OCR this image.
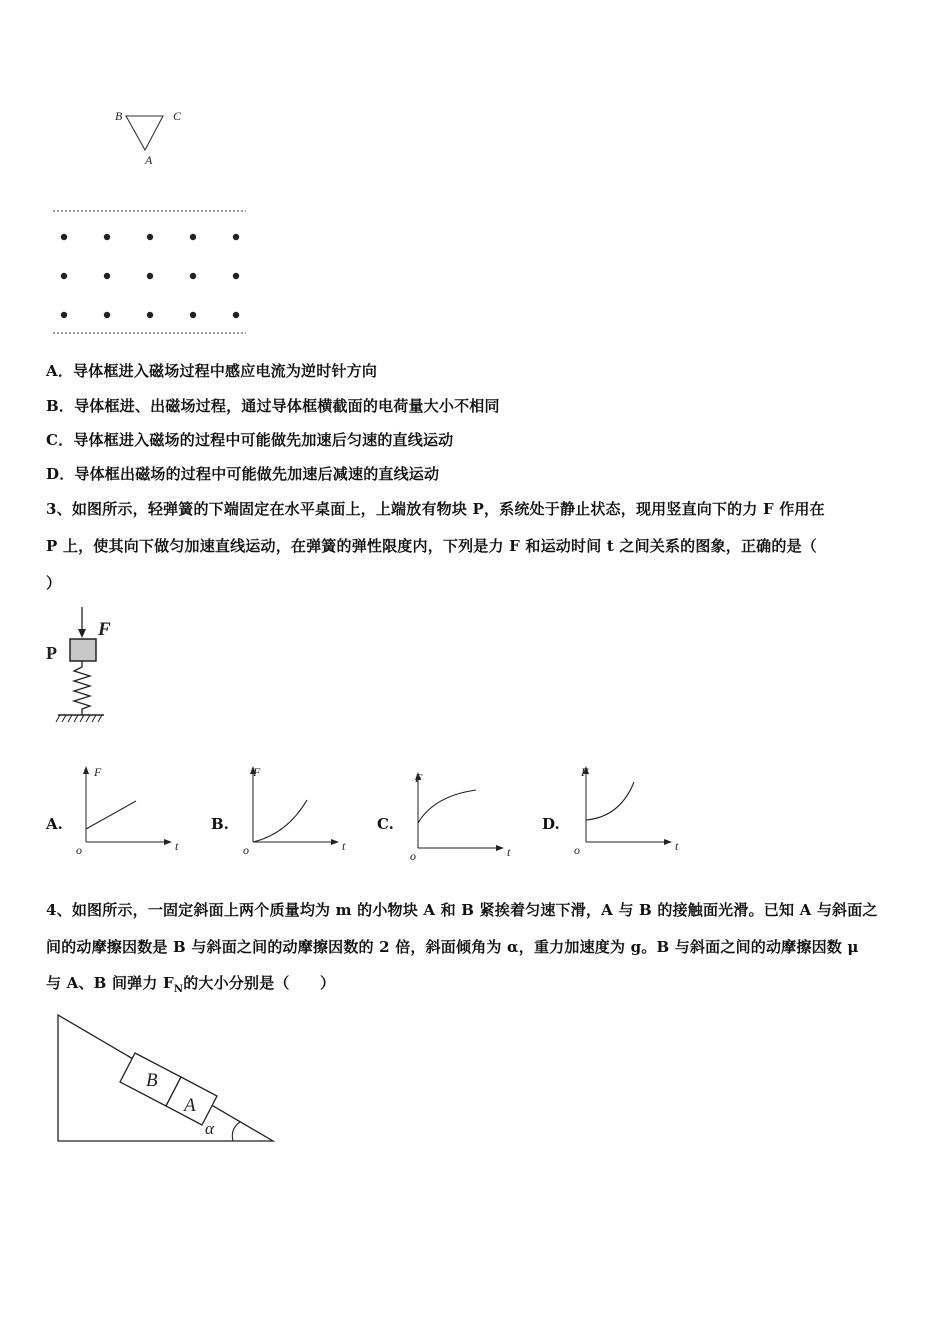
B	C
A
A．导体框进入磁场过程中感应电流为逆时针方向
B．导体框进、出磁场过程，通过导体框横截面的电荷量大小不相同
C．导体框进入磁场的过程中可能做先加速后匀速的直线运动
D．导体框出磁场的过程中可能做先加速后减速的直线运动
3、如图所示，轻弹簧的下端固定在水平桌面上，上端放有物块 P，系统处于静止状态，现用竖直向下的力 F 作用在
P 上，使其向下做匀加速直线运动，在弹簧的弹性限度内，下列是力 F 和运动时间 t 之间关系的图象，正确的是（
）
F
P
A.
F
t
o
B.
F
t
o
C.
F
t
o
D.
F
t
o
4、如图所示，一固定斜面上两个质量均为 m 的小物块 A 和 B 紧挨着匀速下滑，A 与 B 的接触面光滑。已知 A 与斜面之
间的动摩擦因数是 B 与斜面之间的动摩擦因数的 2 倍，斜面倾角为 α，重力加速度为 g。B 与斜面之间的动摩擦因数 μ
与 A、B 间弹力 $F_N$的大小分别是（　　）
B
A
α
